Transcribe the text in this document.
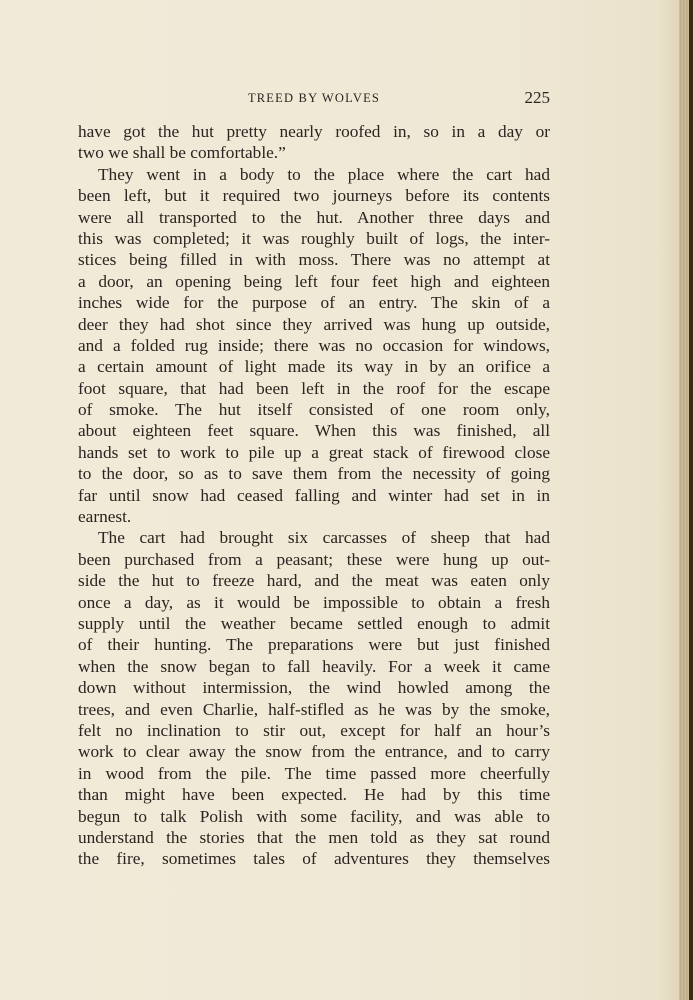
TREED BY WOLVES	225
have got the hut pretty nearly roofed in, so in a day or
two we shall be comfortable.”
They went in a body to the place where the cart had
been left, but it required two journeys before its contents
were all transported to the hut. Another three days and
this was completed; it was roughly built of logs, the inter-
stices being filled in with moss. There was no attempt at
a door, an opening being left four feet high and eighteen
inches wide for the purpose of an entry. The skin of a
deer they had shot since they arrived was hung up outside,
and a folded rug inside; there was no occasion for windows,
a certain amount of light made its way in by an orifice a
foot square, that had been left in the roof for the escape
of smoke. The hut itself consisted of one room only,
about eighteen feet square. When this was finished, all
hands set to work to pile up a great stack of firewood close
to the door, so as to save them from the necessity of going
far until snow had ceased falling and winter had set in in
earnest.
The cart had brought six carcasses of sheep that had
been purchased from a peasant; these were hung up out-
side the hut to freeze hard, and the meat was eaten only
once a day, as it would be impossible to obtain a fresh
supply until the weather became settled enough to admit
of their hunting. The preparations were but just finished
when the snow began to fall heavily. For a week it came
down without intermission, the wind howled among the
trees, and even Charlie, half-stifled as he was by the smoke,
felt no inclination to stir out, except for half an hour’s
work to clear away the snow from the entrance, and to carry
in wood from the pile. The time passed more cheerfully
than might have been expected. He had by this time
begun to talk Polish with some facility, and was able to
understand the stories that the men told as they sat round
the fire, sometimes tales of adventures they themselves
